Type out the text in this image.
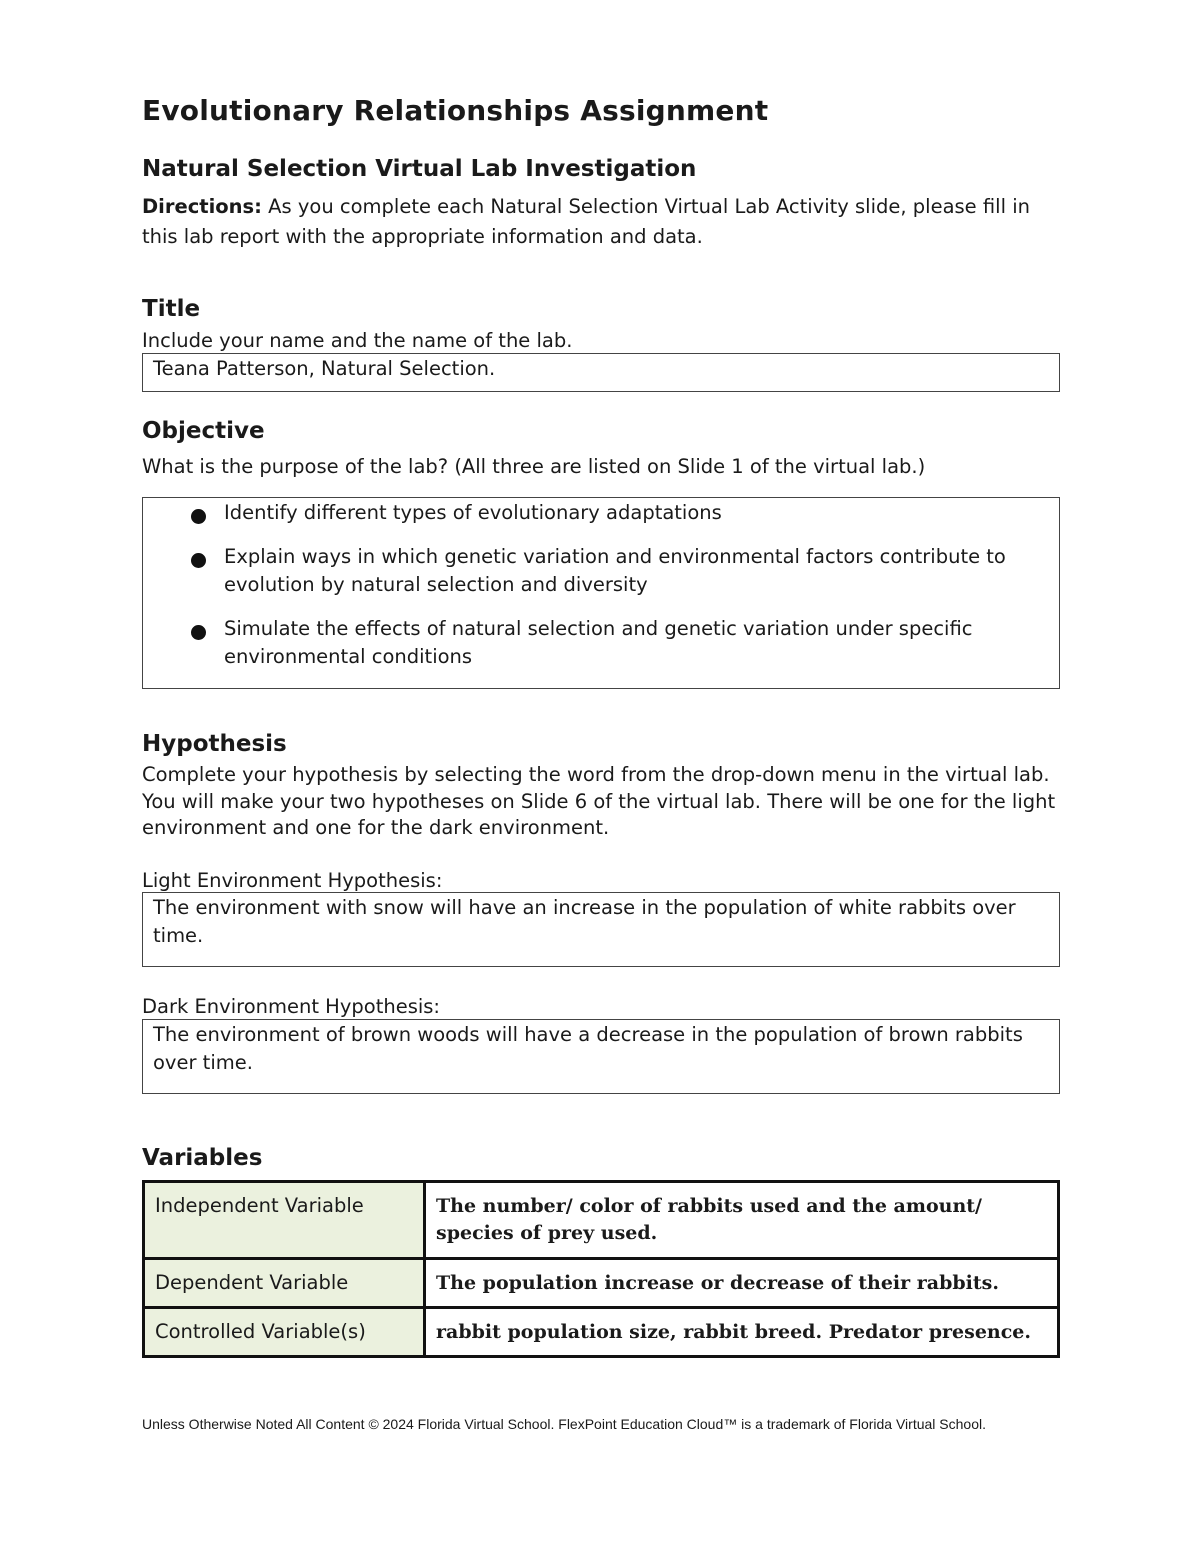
Evolutionary Relationships Assignment
Natural Selection Virtual Lab Investigation
Directions: As you complete each Natural Selection Virtual Lab Activity slide, please fill in this lab report with the appropriate information and data.
Title
Include your name and the name of the lab.
Teana Patterson, Natural Selection.
Objective
What is the purpose of the lab? (All three are listed on Slide 1 of the virtual lab.)
Identify different types of evolutionary adaptations
Explain ways in which genetic variation and environmental factors contribute to evolution by natural selection and diversity
Simulate the effects of natural selection and genetic variation under specific environmental conditions
Hypothesis
Complete your hypothesis by selecting the word from the drop-down menu in the virtual lab. You will make your two hypotheses on Slide 6 of the virtual lab. There will be one for the light environment and one for the dark environment.
Light Environment Hypothesis:
The environment with snow will have an increase in the population of white rabbits over time.
Dark Environment Hypothesis:
The environment of brown woods will have a decrease in the population of brown rabbits over time.
Variables
Independent Variable	The number/ color of rabbits used and the amount/ species of prey used.
Dependent Variable	The population increase or decrease of their rabbits.
Controlled Variable(s)	rabbit population size, rabbit breed. Predator presence.
Unless Otherwise Noted All Content © 2024 Florida Virtual School. FlexPoint Education Cloud™ is a trademark of Florida Virtual School.
